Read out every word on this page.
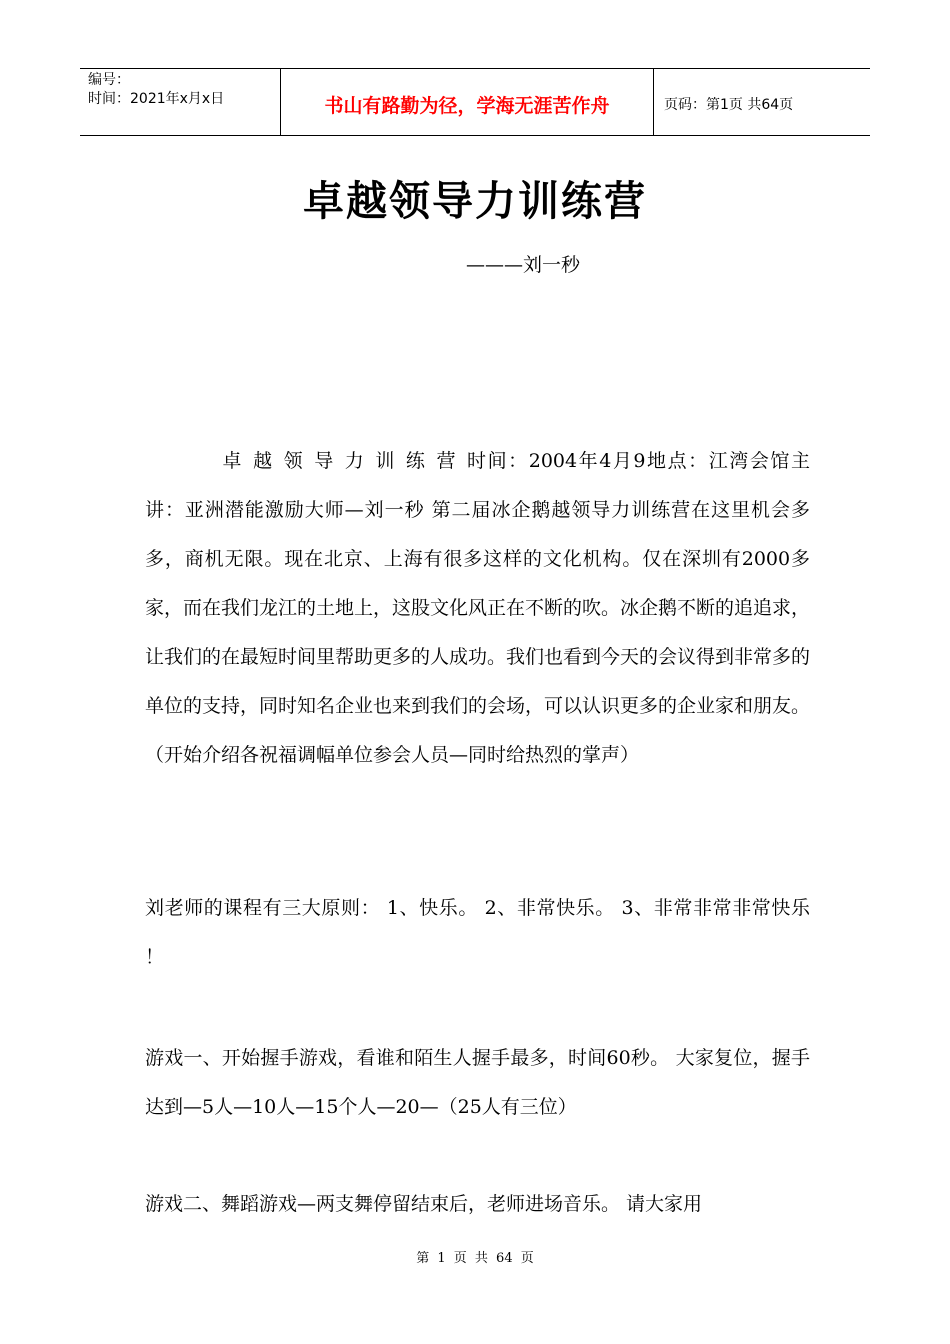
编号：
时间：2021年x月x日	书山有路勤为径，学海无涯苦作舟	页码：第1页 共64页
卓越领导力训练营
———刘一秒
卓越领导力训练营时间：2004年4月9地点：江湾会馆主讲：亚洲潜能激励大师—刘一秒 第二届冰企鹅越领导力训练营在这里机会多多，商机无限。现在北京、上海有很多这样的文化机构。仅在深圳有2000多家，而在我们龙江的土地上，这股文化风正在不断的吹。冰企鹅不断的追追求，让我们的在最短时间里帮助更多的人成功。我们也看到今天的会议得到非常多的单位的支持，同时知名企业也来到我们的会场，可以认识更多的企业家和朋友。（开始介绍各祝福调幅单位参会人员—同时给热烈的掌声）
刘老师的课程有三大原则： 1、快乐。 2、非常快乐。 3、非常非常非常快乐 ！
游戏一、开始握手游戏，看谁和陌生人握手最多，时间60秒。 大家复位，握手达到—5人—10人—15个人—20—（25人有三位）
游戏二、舞蹈游戏—两支舞停留结束后，老师进场音乐。 请大家用
第 1 页 共 64 页
